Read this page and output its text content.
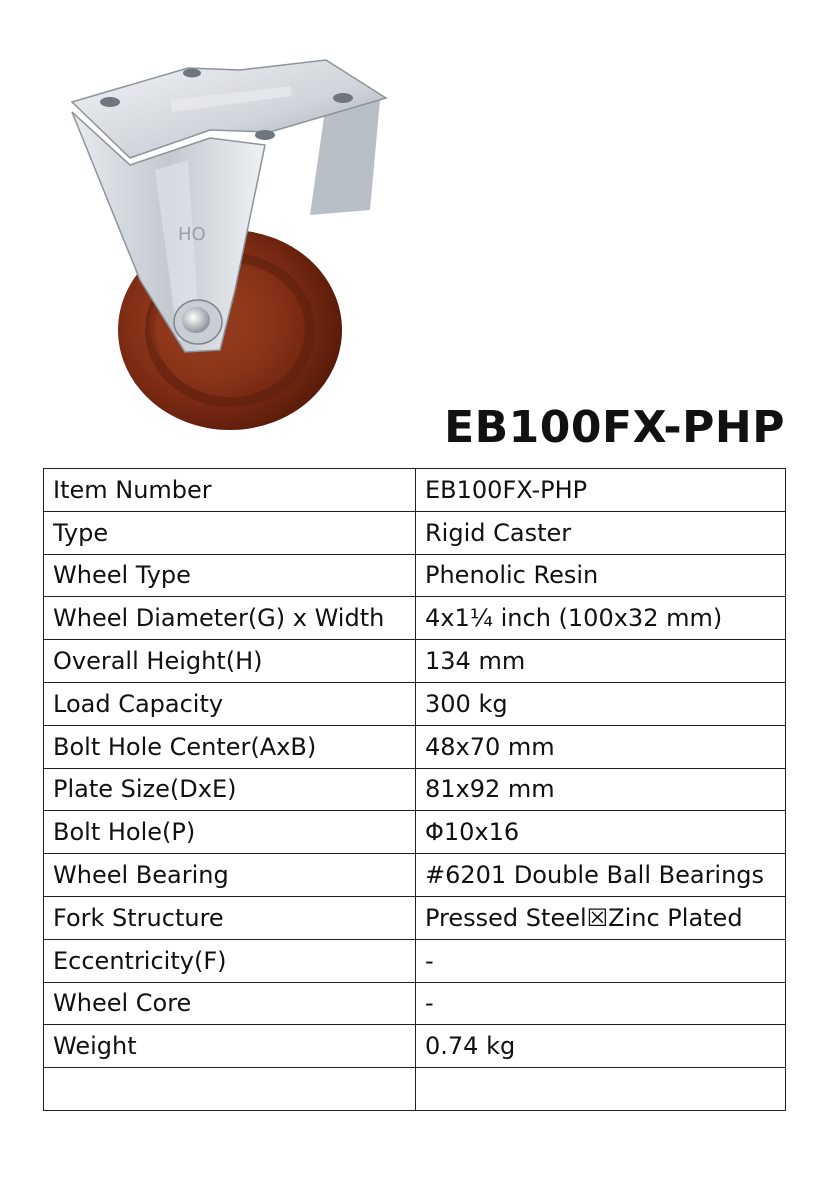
HO
EB100FX-PHP
Item Number	EB100FX-PHP
Type	Rigid Caster
Wheel Type	Phenolic Resin
Wheel Diameter(G) x Width	4x1¼ inch (100x32 mm)
Overall Height(H)	134 mm
Load Capacity	300 kg
Bolt Hole Center(AxB)	48x70 mm
Plate Size(DxE)	81x92 mm
Bolt Hole(P)	Φ10x16
Wheel Bearing	#6201 Double Ball Bearings
Fork Structure	Pressed Steel☒Zinc Plated
Eccentricity(F)	-
Wheel Core	-
Weight	0.74 kg
